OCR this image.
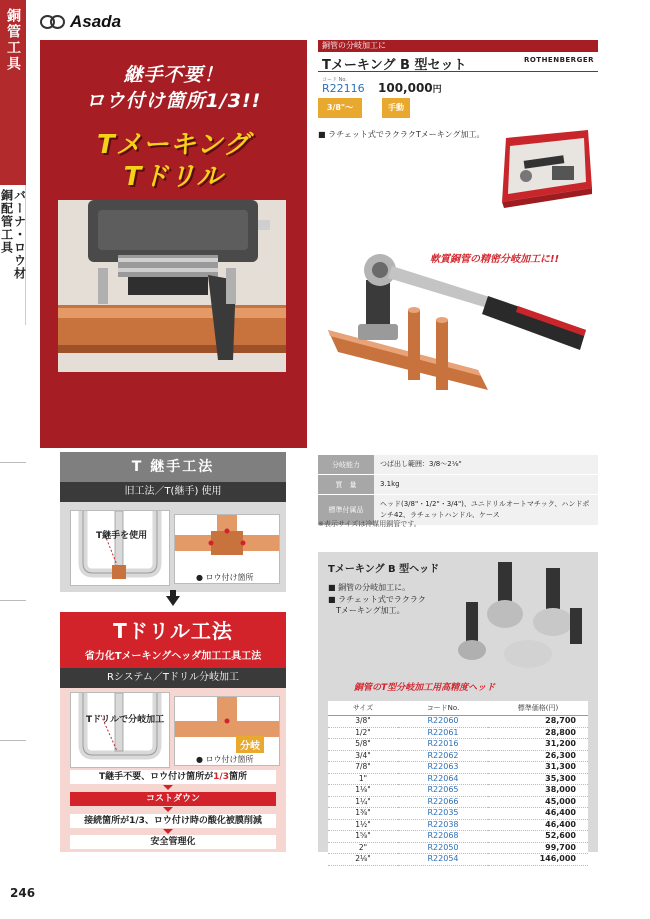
Asada
銅管工具
銅配管工具 バーナ・ロウ材
246
継手不要！
ロウ付け箇所1/3!!
Tメーキング
Tドリル
T 継手工法
旧工法／T(継手) 使用
T継手を使用
● ロウ付け箇所
Tドリル工法
省力化Tメーキングヘッダ加工工具工法
Rシステム／Tドリル分岐加工
T継手不要、ロウ付け箇所が1/3箇所
コストダウン
接続箇所が1/3、ロウ付け時の酸化被膜削減
安全管理化
Tドリルで分岐加工
分岐
● ロウ付け箇所
銅管の分岐加工に
Tメーキング B 型セット	ROTHENBERGER
コード No.
R22116 100,000円
3/8"～2⅛"
手動
■ ラチェット式でラクラクTメーキング加工。
軟質銅管の精密分岐加工に!!
分岐能力	つば出し範囲：3/8～2⅛"
質　量	3.1kg
標準付属品	ヘッド(3/8"・1/2"・3/4")、ユニドリルオートマチック、ハンドポンチ42、ラチェットハンドル、ケース
※表示サイズは冷媒用銅管です。
Tメーキング B 型ヘッド
■ 銅管の分岐加工に。
■ ラチェット式でラクラク
　Tメーキング加工。
銅管のT型分岐加工用高精度ヘッド
サイズ	コードNo.	標準価格(円)
3/8"	R22060	28,700
1/2"	R22061	28,800
5/8"	R22016	31,200
3/4"	R22062	26,300
7/8"	R22063	31,300
1"	R22064	35,300
1⅛"	R22065	38,000
1¼"	R22066	45,000
1⅜"	R22035	46,400
1½"	R22038	46,400
1⅝"	R22068	52,600
2"	R22050	99,700
2⅛"	R22054	146,000
